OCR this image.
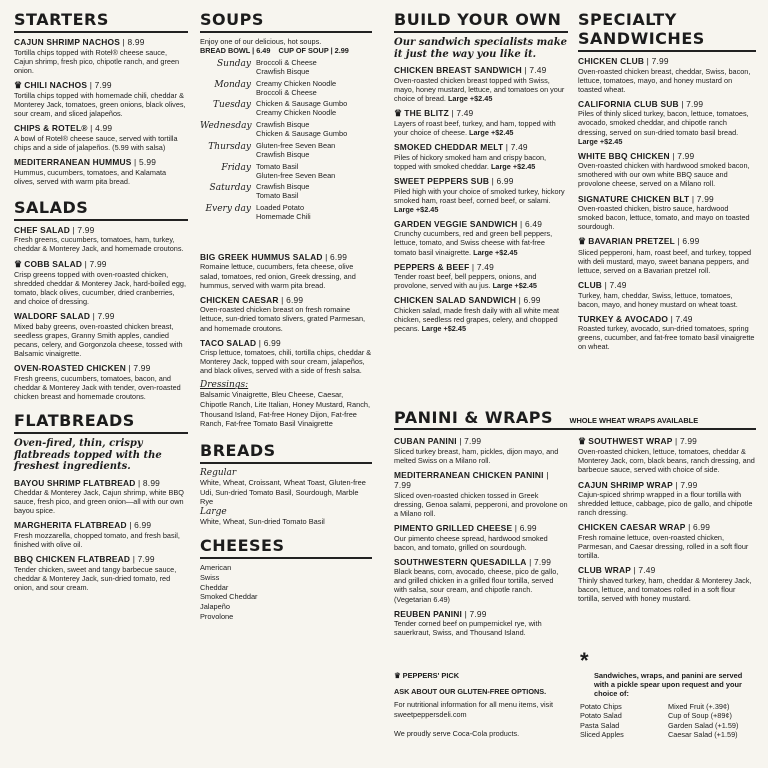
STARTERS
CAJUN SHRIMP NACHOS | 8.99
Tortilla chips topped with Rotel® cheese sauce, Cajun shrimp, fresh pico, chipotle ranch, and green onion.
♛ CHILI NACHOS | 7.99
Tortilla chips topped with homemade chili, cheddar & Monterey Jack, tomatoes, green onions, black olives, sour cream, and sliced jalapeños.
CHIPS & ROTEL® | 4.99
A bowl of Rotel® cheese sauce, served with tortilla chips and a side of jalapeños. (5.99 with salsa)
MEDITERRANEAN HUMMUS | 5.99
Hummus, cucumbers, tomatoes, and Kalamata olives, served with warm pita bread.
SALADS
CHEF SALAD | 7.99
Fresh greens, cucumbers, tomatoes, ham, turkey, cheddar & Monterey Jack, and homemade croutons.
♛ COBB SALAD | 7.99
Crisp greens topped with oven-roasted chicken, shredded cheddar & Monterey Jack, hard-boiled egg, tomato, black olives, cucumber, dried cranberries, and choice of dressing.
WALDORF SALAD | 7.99
Mixed baby greens, oven-roasted chicken breast, seedless grapes, Granny Smith apples, candied pecans, celery, and Gorgonzola cheese, tossed with Balsamic vinaigrette.
OVEN-ROASTED CHICKEN | 7.99
Fresh greens, cucumbers, tomatoes, bacon, and cheddar & Monterey Jack with tender, oven-roasted chicken breast and homemade croutons.
FLATBREADS
Oven-fired, thin, crispy flatbreads topped with the freshest ingredients.
BAYOU SHRIMP FLATBREAD | 8.99
Cheddar & Monterey Jack, Cajun shrimp, white BBQ sauce, fresh pico, and green onion—all with our own bayou spice.
MARGHERITA FLATBREAD | 6.99
Fresh mozzarella, chopped tomato, and fresh basil, finished with olive oil.
BBQ CHICKEN FLATBREAD | 7.99
Tender chicken, sweet and tangy barbecue sauce, cheddar & Monterey Jack, sun-dried tomato, red onion, and sour cream.
SOUPS
Enjoy one of our delicious, hot soups.
BREAD BOWL | 6.49 CUP OF SOUP | 2.99
Sunday Broccoli & Cheese
Crawfish Bisque
Monday Creamy Chicken Noodle
Broccoli & Cheese
Tuesday Chicken & Sausage Gumbo
Creamy Chicken Noodle
Wednesday Crawfish Bisque
Chicken & Sausage Gumbo
Thursday Gluten-free Seven Bean
Crawfish Bisque
Friday Tomato Basil
Gluten-free Seven Bean
Saturday Crawfish Bisque
Tomato Basil
Every day Loaded Potato
Homemade Chili
BIG GREEK HUMMUS SALAD | 6.99
Romaine lettuce, cucumbers, feta cheese, olive salad, tomatoes, red onion, Greek dressing, and hummus, served with warm pita bread.
CHICKEN CAESAR | 6.99
Oven-roasted chicken breast on fresh romaine lettuce, sun-dried tomato slivers, grated Parmesan, and homemade croutons.
TACO SALAD | 6.99
Crisp lettuce, tomatoes, chili, tortilla chips, cheddar & Monterey Jack, topped with sour cream, jalapeños, and black olives, served with a side of fresh salsa.
Dressings:
Balsamic Vinaigrette, Bleu Cheese, Caesar, Chipotle Ranch, Lite Italian, Honey Mustard, Ranch, Thousand Island, Fat-free Honey Dijon, Fat-free Ranch, Fat-free Tomato Basil Vinaigrette
BREADS
Regular
White, Wheat, Croissant, Wheat Toast, Gluten-free Udi, Sun-dried Tomato Basil, Sourdough, Marble Rye
Large
White, Wheat, Sun-dried Tomato Basil
CHEESES
American
Swiss
Cheddar
Smoked Cheddar
Jalapeño
Provolone
BUILD YOUR OWN
Our sandwich specialists make it just the way you like it.
CHICKEN BREAST SANDWICH | 7.49
Oven-roasted chicken breast topped with Swiss, mayo, honey mustard, lettuce, and tomatoes on your choice of bread. Large +$2.45
♛ THE BLITZ | 7.49
Layers of roast beef, turkey, and ham, topped with your choice of cheese. Large +$2.45
SMOKED CHEDDAR MELT | 7.49
Piles of hickory smoked ham and crispy bacon, topped with smoked cheddar. Large +$2.45
SWEET PEPPERS SUB | 6.99
Piled high with your choice of smoked turkey, hickory smoked ham, roast beef, corned beef, or salami. Large +$2.45
GARDEN VEGGIE SANDWICH | 6.49
Crunchy cucumbers, red and green bell peppers, lettuce, tomato, and Swiss cheese with fat-free tomato basil vinaigrette. Large +$2.45
PEPPERS & BEEF | 7.49
Tender roast beef, bell peppers, onions, and provolone, served with au jus. Large +$2.45
CHICKEN SALAD SANDWICH | 6.99
Chicken salad, made fresh daily with all white meat chicken, seedless red grapes, celery, and chopped pecans. Large +$2.45
SPECIALTY SANDWICHES
CHICKEN CLUB | 7.99
Oven-roasted chicken breast, cheddar, Swiss, bacon, lettuce, tomatoes, mayo, and honey mustard on toasted wheat.
CALIFORNIA CLUB SUB | 7.99
Piles of thinly sliced turkey, bacon, lettuce, tomatoes, avocado, smoked cheddar, and chipotle ranch dressing, served on sun-dried tomato basil bread. Large +$2.45
WHITE BBQ CHICKEN | 7.99
Oven-roasted chicken with hardwood smoked bacon, smothered with our own white BBQ sauce and provolone cheese, served on a Milano roll.
SIGNATURE CHICKEN BLT | 7.99
Oven-roasted chicken, bistro sauce, hardwood smoked bacon, lettuce, tomato, and mayo on toasted sourdough.
♛ BAVARIAN PRETZEL | 6.99
Sliced pepperoni, ham, roast beef, and turkey, topped with deli mustard, mayo, sweet banana peppers, and lettuce, served on a Bavarian pretzel roll.
CLUB | 7.49
Turkey, ham, cheddar, Swiss, lettuce, tomatoes, bacon, mayo, and honey mustard on wheat toast.
TURKEY & AVOCADO | 7.49
Roasted turkey, avocado, sun-dried tomatoes, spring greens, cucumber, and fat-free tomato basil vinaigrette on wheat.
PANINI & WRAPS WHOLE WHEAT WRAPS AVAILABLE
CUBAN PANINI | 7.99
Sliced turkey breast, ham, pickles, dijon mayo, and melted Swiss on a Milano roll.
MEDITERRANEAN CHICKEN PANINI | 7.99
Sliced oven-roasted chicken tossed in Greek dressing, Genoa salami, pepperoni, and provolone on a Milano roll.
PIMENTO GRILLED CHEESE | 6.99
Our pimento cheese spread, hardwood smoked bacon, and tomato, grilled on sourdough.
SOUTHWESTERN QUESADILLA | 7.99
Black beans, corn, avocado, cheese, pico de gallo, and grilled chicken in a grilled flour tortilla, served with salsa, sour cream, and chipotle ranch. (Vegetarian 6.49)
REUBEN PANINI | 7.99
Tender corned beef on pumpernickel rye, with sauerkraut, Swiss, and Thousand Island.
♛ SOUTHWEST WRAP | 7.99
Oven-roasted chicken, lettuce, tomatoes, cheddar & Monterey Jack, corn, black beans, ranch dressing, and barbecue sauce, served with choice of side.
CAJUN SHRIMP WRAP | 7.99
Cajun-spiced shrimp wrapped in a flour tortilla with shredded lettuce, cabbage, pico de gallo, and chipotle ranch dressing.
CHICKEN CAESAR WRAP | 6.99
Fresh romaine lettuce, oven-roasted chicken, Parmesan, and Caesar dressing, rolled in a soft flour tortilla.
CLUB WRAP | 7.49
Thinly shaved turkey, ham, cheddar & Monterey Jack, bacon, lettuce, and tomatoes rolled in a soft flour tortilla, served with honey mustard.
♛ PEPPERS' PICK
ASK ABOUT OUR GLUTEN-FREE OPTIONS.
For nutritional information for all menu items, visit sweetpeppersdeli.com
We proudly serve Coca-Cola products.
*
Sandwiches, wraps, and panini are served with a pickle spear upon request and your choice of:
Potato Chips
Potato Salad
Pasta Salad
Sliced Apples
Mixed Fruit (+.39¢)
Cup of Soup (+89¢)
Garden Salad (+1.59)
Caesar Salad (+1.59)
